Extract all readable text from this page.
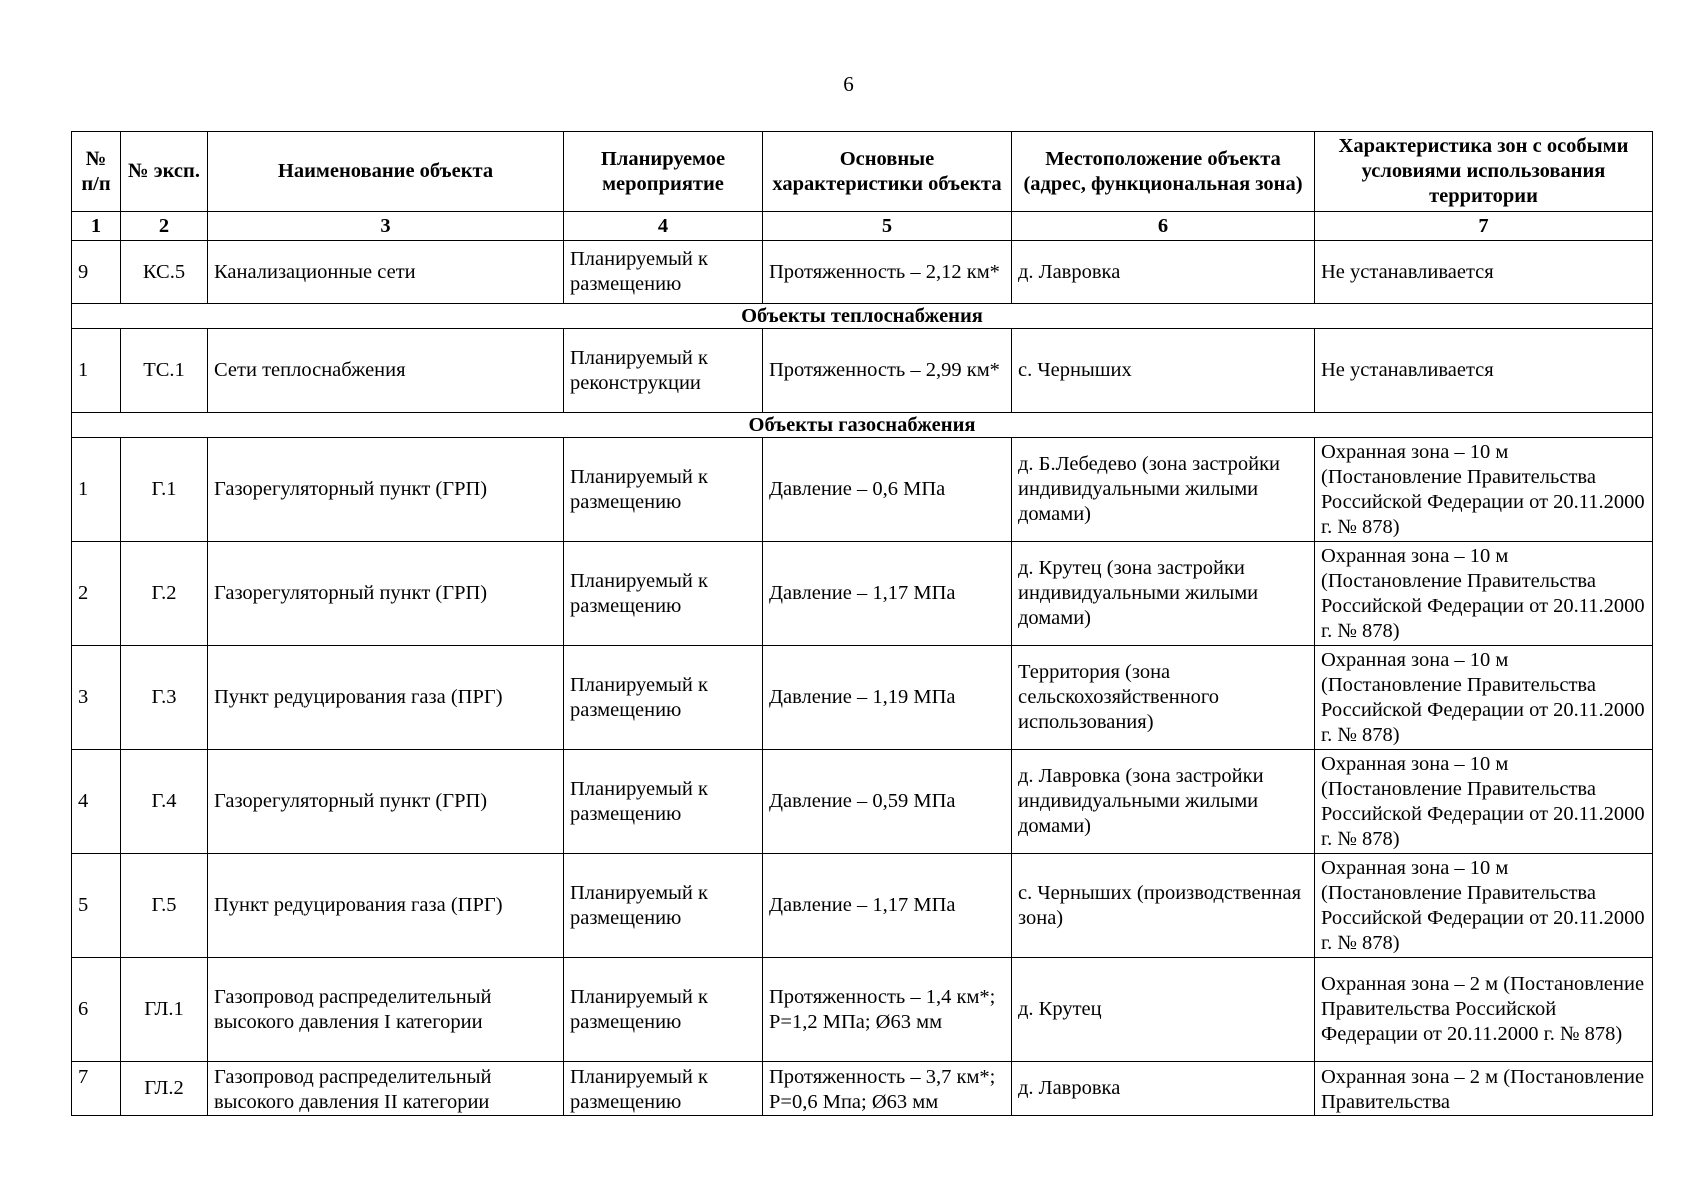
6
№ п/п	№ эксп.	Наименование объекта	Планируемое мероприятие	Основные характеристики объекта	Местоположение объекта (адрес, функциональная зона)	Характеристика зон с особыми условиями использования территории
1	2	3	4	5	6	7
9	КС.5	Канализационные сети	Планируемый к размещению	Протяженность – 2,12 км*	д. Лавровка	Не устанавливается
Объекты теплоснабжения						
1	ТС.1	Сети теплоснабжения	Планируемый к реконструкции	Протяженность – 2,99 км*	с. Черныших	Не устанавливается
Объекты газоснабжения						
1	Г.1	Газорегуляторный пункт (ГРП)	Планируемый к размещению	Давление – 0,6 МПа	д. Б.Лебедево (зона застройки индивидуальными жилыми домами)	Охранная зона – 10 м (Постановление Правительства Российской Федерации от 20.11.2000 г. № 878)
2	Г.2	Газорегуляторный пункт (ГРП)	Планируемый к размещению	Давление – 1,17 МПа	д. Крутец (зона застройки индивидуальными жилыми домами)	Охранная зона – 10 м (Постановление Правительства Российской Федерации от 20.11.2000 г. № 878)
3	Г.3	Пункт редуцирования газа (ПРГ)	Планируемый к размещению	Давление – 1,19 МПа	Территория (зона сельскохозяйственного использования)	Охранная зона – 10 м (Постановление Правительства Российской Федерации от 20.11.2000 г. № 878)
4	Г.4	Газорегуляторный пункт (ГРП)	Планируемый к размещению	Давление – 0,59 МПа	д. Лавровка (зона застройки индивидуальными жилыми домами)	Охранная зона – 10 м (Постановление Правительства Российской Федерации от 20.11.2000 г. № 878)
5	Г.5	Пункт редуцирования газа (ПРГ)	Планируемый к размещению	Давление – 1,17 МПа	с. Черныших (производственная зона)	Охранная зона – 10 м (Постановление Правительства Российской Федерации от 20.11.2000 г. № 878)
6	ГЛ.1	Газопровод распределительный высокого давления I категории	Планируемый к размещению	Протяженность – 1,4 км*; Р=1,2 МПа; Ø63 мм	д. Крутец	Охранная зона – 2 м (Постановление Правительства Российской Федерации от 20.11.2000 г. № 878)
7	ГЛ.2	Газопровод распределительный высокого давления II категории	Планируемый к размещению	Протяженность – 3,7 км*; Р=0,6 Мпа; Ø63 мм	д. Лавровка	Охранная зона – 2 м (Постановление Правительства
